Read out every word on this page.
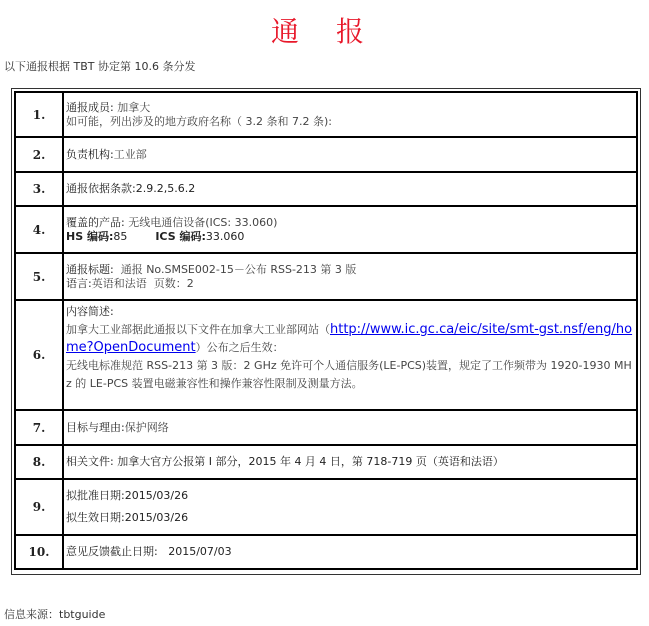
通 报
以下通报根据 TBT 协定第 10.6 条分发
1.	通报成员: 加拿大
如可能，列出涉及的地方政府名称（ 3.2 条和 7.2 条):

2.	负责机构:工业部

3.	通报依据条款:2.9.2,5.6.2

4.	覆盖的产品: 无线电通信设备(ICS: 33.060)
HS 编码:85        ICS 编码:33.060

5.	通报标题:  通报 No.SMSE002-15－公布 RSS-213 第 3 版
语言:英语和法语  页数：2

6.	内容简述:
加拿大工业部据此通报以下文件在加拿大工业部网站（http://www.ic.gc.ca/eic/site/smt-gst.nsf/eng/home?OpenDocument）公布之后生效：
无线电标准规范 RSS-213 第 3 版：2 GHz 免许可个人通信服务(LE-PCS)装置，规定了工作频带为 1920-1930 MHz 的 LE-PCS 装置电磁兼容性和操作兼容性限制及测量方法。

7.	目标与理由:保护网络

8.	相关文件: 加拿大官方公报第 I 部分，2015 年 4 月 4 日，第 718-719 页（英语和法语）

9.	拟批准日期:2015/03/26
拟生效日期:2015/03/26

10.	意见反馈截止日期:   2015/07/03
信息来源：tbtguide
